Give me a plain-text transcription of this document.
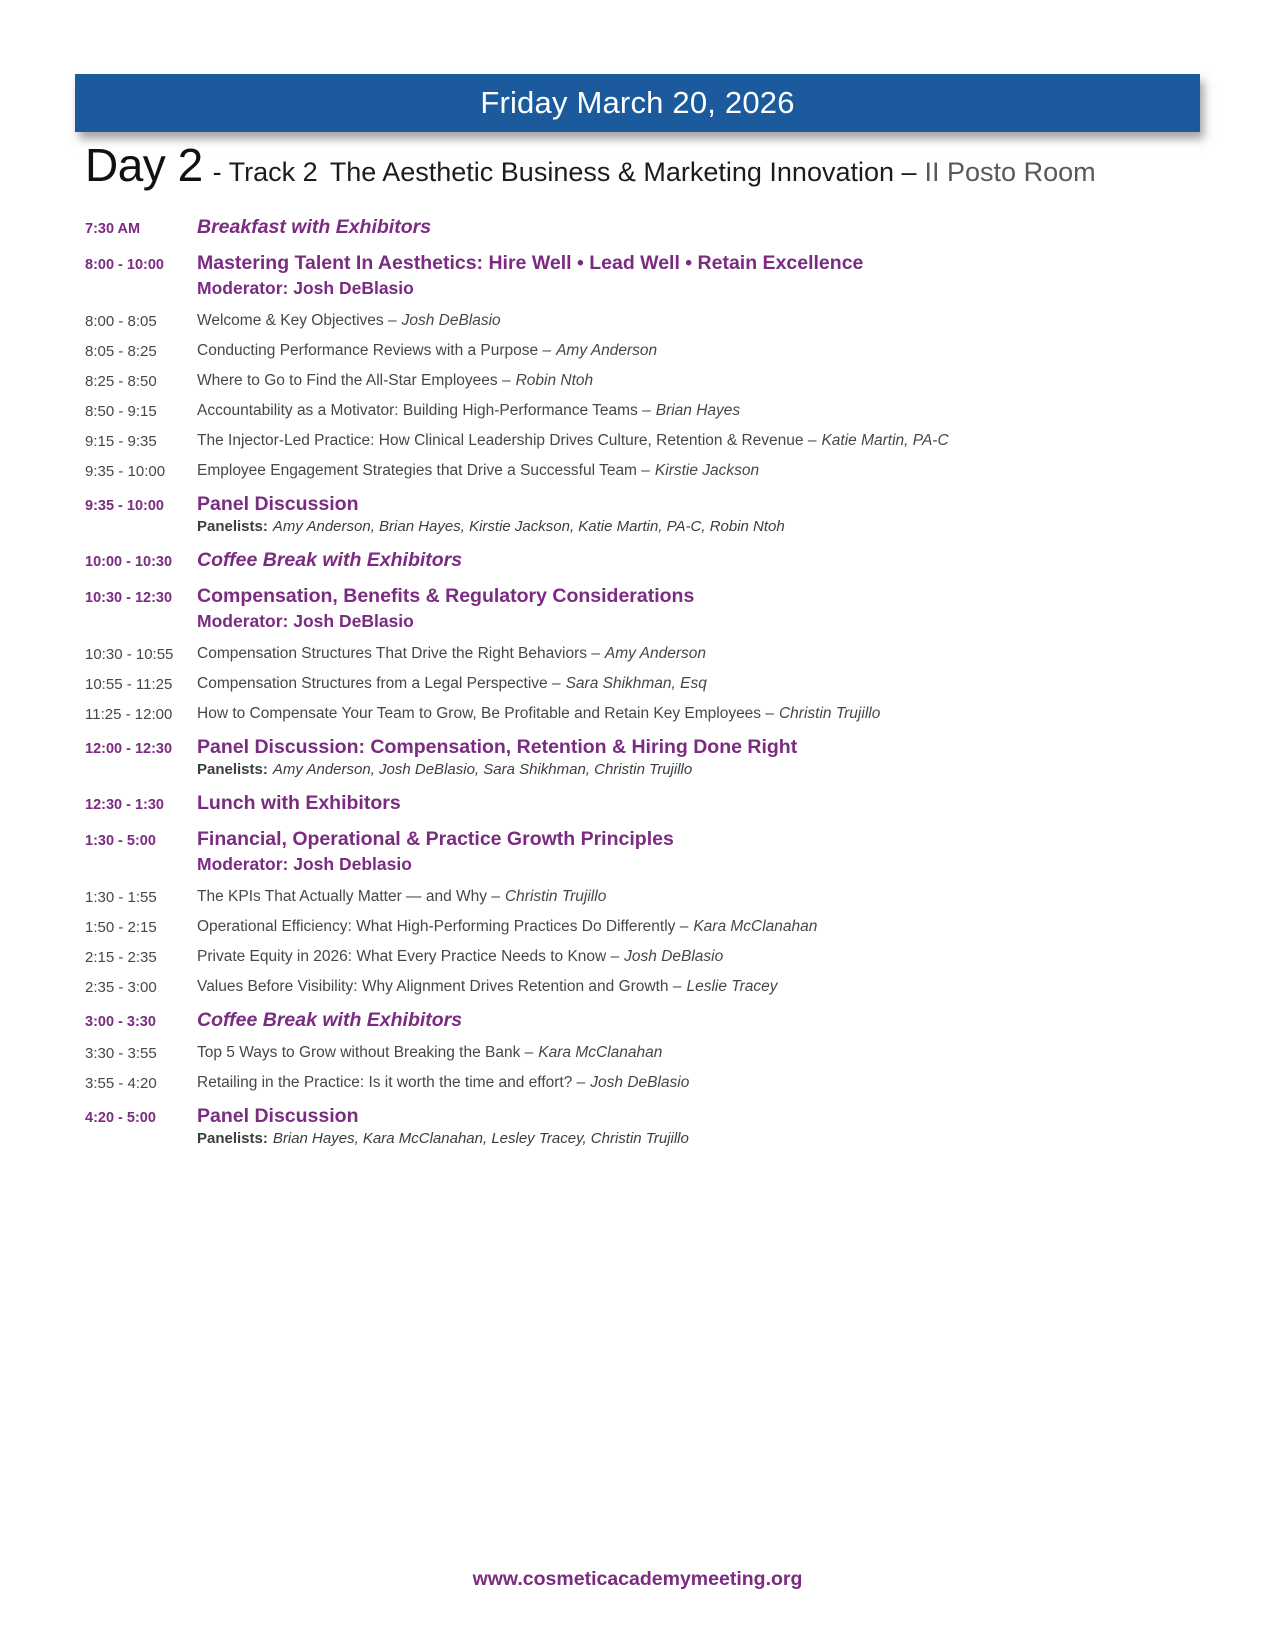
Friday March 20, 2026
Day 2 - Track 2 The Aesthetic Business & Marketing Innovation – II Posto Room
7:30 AM	Breakfast with Exhibitors
8:00 - 10:00	Mastering Talent In Aesthetics: Hire Well • Lead Well • Retain Excellence
Moderator: Josh DeBlasio
8:00 - 8:05	Welcome & Key Objectives – Josh DeBlasio
8:05 - 8:25	Conducting Performance Reviews with a Purpose – Amy Anderson
8:25 - 8:50	Where to Go to Find the All-Star Employees – Robin Ntoh
8:50 - 9:15	Accountability as a Motivator: Building High-Performance Teams – Brian Hayes
9:15 - 9:35	The Injector-Led Practice: How Clinical Leadership Drives Culture, Retention & Revenue – Katie Martin, PA-C
9:35 - 10:00	Employee Engagement Strategies that Drive a Successful Team – Kirstie Jackson
9:35 - 10:00	Panel Discussion
Panelists: Amy Anderson, Brian Hayes, Kirstie Jackson, Katie Martin, PA-C, Robin Ntoh
10:00 - 10:30	Coffee Break with Exhibitors
10:30 - 12:30	Compensation, Benefits & Regulatory Considerations
Moderator: Josh DeBlasio
10:30 - 10:55	Compensation Structures That Drive the Right Behaviors – Amy Anderson
10:55 - 11:25	Compensation Structures from a Legal Perspective – Sara Shikhman, Esq
11:25 - 12:00	How to Compensate Your Team to Grow, Be Profitable and Retain Key Employees – Christin Trujillo
12:00 - 12:30	Panel Discussion: Compensation, Retention & Hiring Done Right
Panelists: Amy Anderson, Josh DeBlasio, Sara Shikhman, Christin Trujillo
12:30 - 1:30	Lunch with Exhibitors
1:30 - 5:00	Financial, Operational & Practice Growth Principles
Moderator: Josh Deblasio
1:30 - 1:55	The KPIs That Actually Matter — and Why – Christin Trujillo
1:50 - 2:15	Operational Efficiency: What High-Performing Practices Do Differently – Kara McClanahan
2:15 - 2:35	Private Equity in 2026: What Every Practice Needs to Know – Josh DeBlasio
2:35 - 3:00	Values Before Visibility: Why Alignment Drives Retention and Growth – Leslie Tracey
3:00 - 3:30	Coffee Break with Exhibitors
3:30 - 3:55	Top 5 Ways to Grow without Breaking the Bank – Kara McClanahan
3:55 - 4:20	Retailing in the Practice: Is it worth the time and effort? – Josh DeBlasio
4:20 - 5:00	Panel Discussion
Panelists: Brian Hayes, Kara McClanahan, Lesley Tracey, Christin Trujillo
www.cosmeticacademymeeting.org
